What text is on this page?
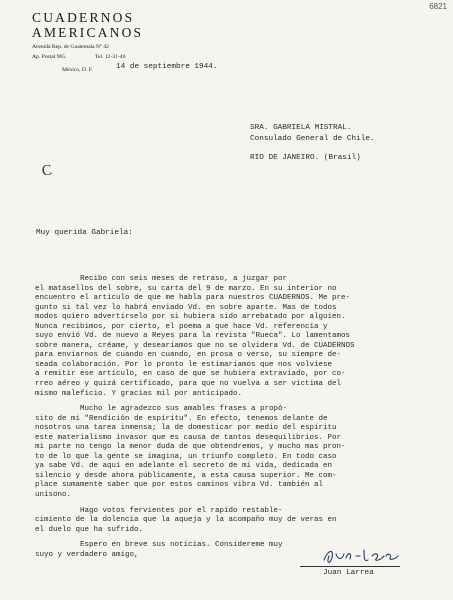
6821
CUADERNOS
AMERICANOS
Avenida Rep. de Guatemala Nº 42
Ap. Postal 965.	Tel. 12-31-46
México, D. F.	14 de septiembre 1944.
SRA. GABRIELA MISTRAL.
Consulado General de Chile.
RIO DE JANEIRO. (Brasil)
C
Muy querida Gabriela:

Recibo con seis meses de retraso, a juzgar por
el matasellos del sobre, su carta del 9 de marzo. En su interior no
encuentro el artículo de que me habla para nuestros CUADERNOS. Me pre-
gunto si tal vez lo habrá enviado Vd. en sobre aparte. Mas de todos
modos quiero advertírselo por si hubiera sido arrebatado por alguien.
Nunca recibimos, por cierto, el poema a que hace Vd. referencia y
suyo envió Vd. de nuevo a Reyes para la revista "Rueca". Lo lamentamos
sobre manera, créame, y desearíamos que no se olvidera Vd. de CUADERNOS
para enviarnos de cuando en cuando, en prosa o verso, su siempre de-
seada colaboración. Por lo pronto le estimaríamos que nos volviese
a remitir ese artículo, en caso de que se hubiera extraviado, por co-
rreo aéreo y quizá certificado, para que no vuelva a ser víctima del
mismo maleficio. Y gracias mil por anticipado.

Mucho le agradezco sus amables frases a propó-
sito de mi "Rendición de espíritu". En efecto, tenemos delante de
nosotros una tarea inmensa; la de domesticar por medio del espíritu
este materialismo invasor que es causa de tantos desequilibrios. Por
mi parte no tengo la menor duda de que obtendremos, y mucho mas pron-
to de lo que la gente se imagina, un triunfo completo. En todo caso
ya sabe Vd. de aquí en adelante el secreto de mi vida, dedicada en
silencio y desde ahora públicamente, a esta causa superior. Me com-
place sumamente saber que por estos caminos vibra Vd. también al
unísono.

Hago votos fervientes por el rapido restable-
cimiento de la dolencia que la aqueja y la acompaño muy de veras en
el duelo que ha sufrido.

Espero en breve sus noticias. Considereme muy
suyo y verdadero amigo,

Juan Larrea
